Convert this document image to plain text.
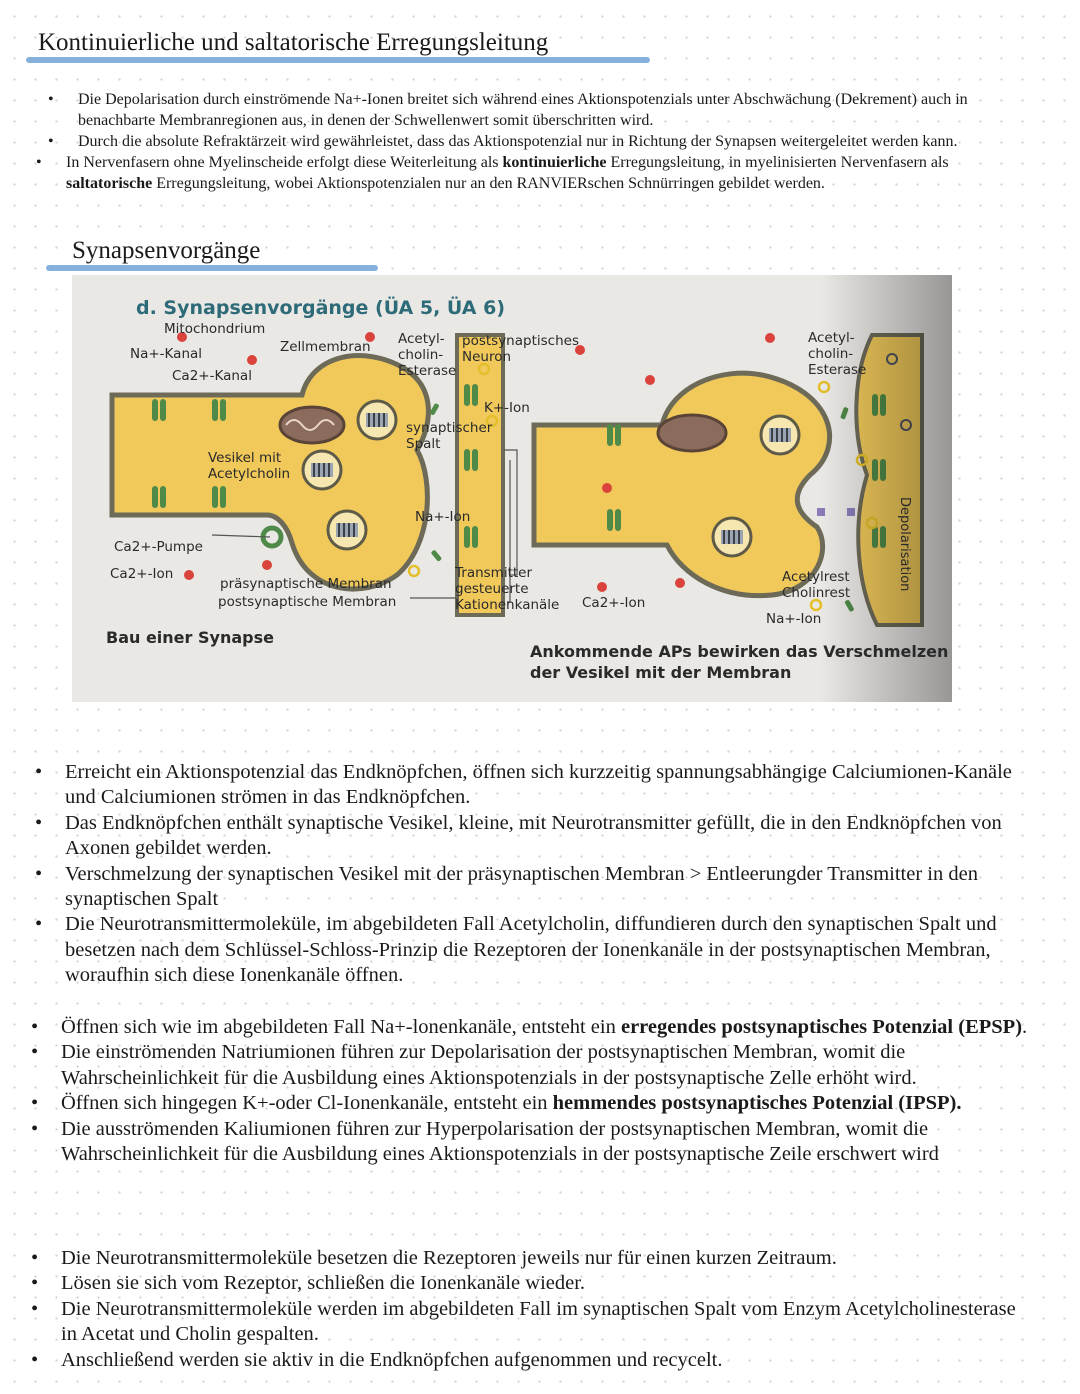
Kontinuierliche und saltatorische Erregungsleitung
• Die Depolarisation durch einströmende Na+-Ionen breitet sich während eines Aktionspotenzials unter Abschwächung (Dekrement) auch in benachbarte Membranregionen aus, in denen der Schwellenwert somit überschritten wird.
• Durch die absolute Refraktärzeit wird gewährleistet, dass das Aktionspotenzial nur in Richtung der Synapsen weitergeleitet werden kann.
• In Nervenfasern ohne Myelinscheide erfolgt diese Weiterleitung als kontinuierliche Erregungsleitung, in myelinisierten Nervenfasern als saltatorische Erregungsleitung, wobei Aktionspotenzialen nur an den RANVIERschen Schnürringen gebildet werden.
Synapsenvorgänge
d. Synapsenvorgänge (ÜA 5, ÜA 6)
Mitochondrium
Zellmembran
Na+-Kanal
Ca2+-Kanal
Acetyl-
cholin-
Esterase
postsynaptisches
Neuron
K+-Ion
synaptischer
Spalt
Vesikel mit
Acetylcholin
Na+-Ion
Ca2+-Pumpe
Ca2+-Ion
präsynaptische Membran
postsynaptische Membran
Transmitter
gesteuerte
Kationenkanäle Ca2+-Ion
Acetyl-
cholin-
Esterase
Acetylrest
Cholinrest
Na+-Ion
Depolarisation
Bau einer Synapse
Ankommende APs bewirken das Verschmelzen der Vesikel mit der Membran
• Erreicht ein Aktionspotenzial das Endknöpfchen, öffnen sich kurzzeitig spannungsabhängige Calciumionen-Kanäle und Calciumionen strömen in das Endknöpfchen.
• Das Endknöpfchen enthält synaptische Vesikel, kleine, mit Neurotransmitter gefüllt, die in den Endknöpfchen von Axonen gebildet werden.
• Verschmelzung der synaptischen Vesikel mit der präsynaptischen Membran > Entleerungder Transmitter in den synaptischen Spalt
• Die Neurotransmittermoleküle, im abgebildeten Fall Acetylcholin, diffundieren durch den synaptischen Spalt und besetzen nach dem Schlüssel-Schloss-Prinzip die Rezeptoren der Ionenkanäle in der postsynaptischen Membran, woraufhin sich diese Ionenkanäle öffnen.
• Öffnen sich wie im abgebildeten Fall Na+-lonenkanäle, entsteht ein erregendes postsynaptisches Potenzial (EPSP).
• Die einströmenden Natriumionen führen zur Depolarisation der postsynaptischen Membran, womit die Wahrscheinlichkeit für die Ausbildung eines Aktionspotenzials in der postsynaptische Zelle erhöht wird.
• Öffnen sich hingegen K+-oder Cl-Ionenkanäle, entsteht ein hemmendes postsynaptisches Potenzial (IPSP).
• Die ausströmenden Kaliumionen führen zur Hyperpolarisation der postsynaptischen Membran, womit die Wahrscheinlichkeit für die Ausbildung eines Aktionspotenzials in der postsynaptische Zeile erschwert wird
• Die Neurotransmittermoleküle besetzen die Rezeptoren jeweils nur für einen kurzen Zeitraum.
• Lösen sie sich vom Rezeptor, schließen die Ionenkanäle wieder.
• Die Neurotransmittermoleküle werden im abgebildeten Fall im synaptischen Spalt vom Enzym Acetylcholinesterase in Acetat und Cholin gespalten.
• Anschließend werden sie aktiv in die Endknöpfchen aufgenommen und recycelt.
